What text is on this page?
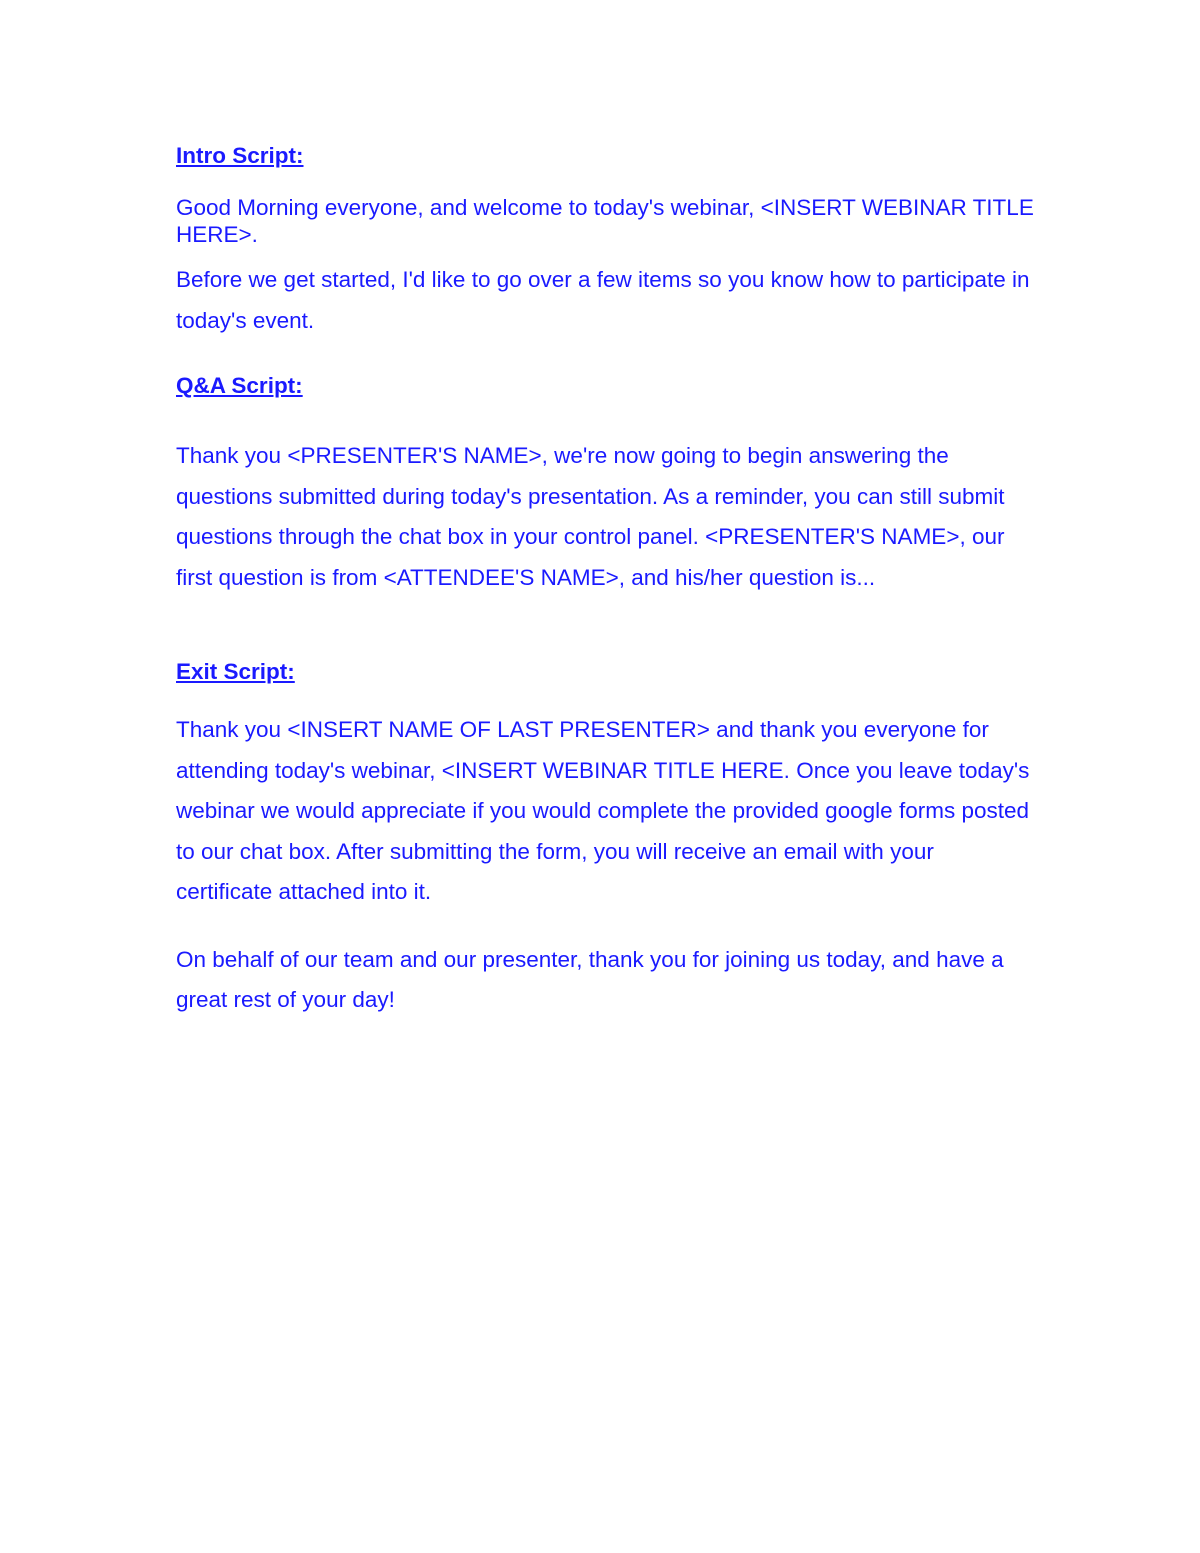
Intro Script:

Good Morning everyone, and welcome to today's webinar, <INSERT WEBINAR TITLE HERE>.

Before we get started, I'd like to go over a few items so you know how to participate in today's event.

Q&A Script:

Thank you <PRESENTER'S NAME>, we're now going to begin answering the questions submitted during today's presentation. As a reminder, you can still submit questions through the chat box in your control panel. <PRESENTER'S NAME>, our first question is from <ATTENDEE'S NAME>, and his/her question is...

Exit Script:

Thank you <INSERT NAME OF LAST PRESENTER> and thank you everyone for attending today's webinar, <INSERT WEBINAR TITLE HERE. Once you leave today's webinar we would appreciate if you would complete the provided google forms posted to our chat box. After submitting the form, you will receive an email with your certificate attached into it.

On behalf of our team and our presenter, thank you for joining us today, and have a great rest of your day!
